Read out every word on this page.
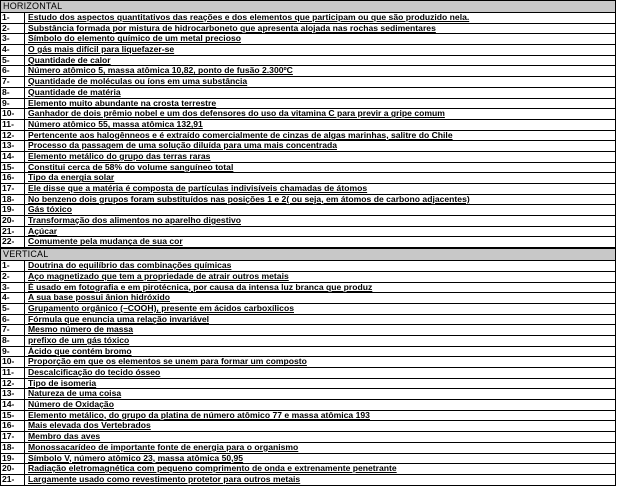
HORIZONTAL
1-	Estudo dos aspectos quantitativos das reações e dos elementos que participam ou que são produzido nela.
2-	Substância formada por mistura de hidrocarboneto que apresenta alojada nas rochas sedimentares
3-	Símbolo do elemento químico de um metal precioso
4-	O gás mais difícil para liquefazer-se
5-	Quantidade de calor
6-	Número atômico 5, massa atômica 10,82, ponto de fusão 2.300ºC
7-	Quantidade de moléculas ou íons em uma substância
8-	Quantidade de matéria
9-	Elemento muito abundante na crosta terrestre
10-	Ganhador de dois prêmio nobel e um dos defensores do uso da vitamina C para previr a gripe comum
11-	Número atômico 55, massa atômica 132,91
12-	Pertencente aos halogênneos e é extraído comercialmente de cinzas de algas marinhas, salitre do Chile
13-	Processo da passagem de uma solução diluída para uma mais concentrada
14-	Elemento metálico do grupo das terras raras
15-	Constitui cerca de 58% do volume sanguíneo total
16-	Tipo da energia solar
17-	Ele disse que a matéria é composta de partículas indivisíveis chamadas de átomos
18-	No benzeno dois grupos foram substituídos nas posições 1 e 2( ou seja, em átomos de carbono adjacentes)
19-	Gás tóxico
20-	Transformação dos alimentos no aparelho digestivo
21-	Açúcar
22-	Comumente pela mudança de sua cor
VERTICAL
1-	Doutrina do equilíbrio das combinações químicas
2-	Aço magnetizado que tem a propriedade de atrair outros metais
3-	É usado em fotografia e em pirotécnica, por causa da intensa luz branca que produz
4-	A sua base possui ânion hidróxido
5-	Grupamento orgânico (–COOH), presente em ácidos carboxílicos
6-	Fórmula que enuncia uma relação invariável
7-	Mesmo número de massa
8-	prefixo de um gás tóxico
9-	Ácido que contém bromo
10-	Proporção em que os elementos se unem para formar um composto
11-	Descalcificação do tecido ósseo
12-	Tipo de isomeria
13-	Natureza de uma coisa
14-	Número de Oxidação
15-	Elemento metálico, do grupo da platina de número atômico 77 e massa atômica 193
16-	Mais elevada dos Vertebrados
17-	Membro das aves
18-	Monossacarídeo de importante fonte de energia para o organismo
19-	Símbolo V, número atômico 23, massa atômica 50,95
20-	Radiação eletromagnética com pequeno comprimento de onda e extrenamente penetrante
21-	Largamente usado como revestimento protetor para outros metais
